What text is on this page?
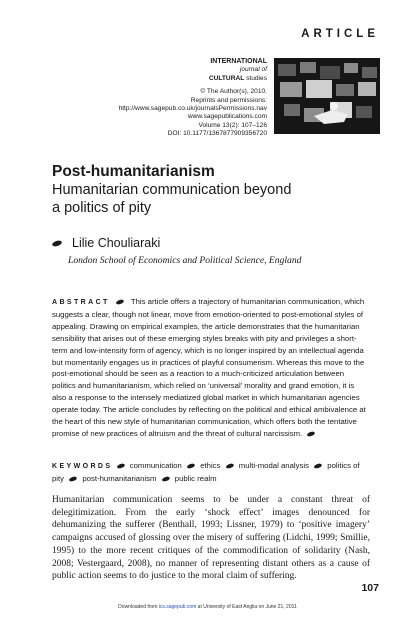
ARTICLE
INTERNATIONAL
journal of
CULTURAL studies
© The Author(s), 2010.
Reprints and permissions:
http://www.sagepub.co.uk/journalsPermissions.nav
www.sagepublications.com
Volume 13(2): 107–126
DOI: 10.1177/1367877909356720
Post-humanitarianism
Humanitarian communication beyond
a politics of pity
Lilie Chouliaraki
London School of Economics and Political Science, England

ABSTRACT	This article offers a trajectory of humanitarian communication, which suggests a clear, though not linear, move from emotion-oriented to post-emotional styles of appealing. Drawing on empirical examples, the article demonstrates that the humanitarian sensibility that arises out of these emerging styles breaks with pity and privileges a short-term and low-intensity form of agency, which is no longer inspired by an intellectual agenda but momentarily engages us in practices of playful consumerism. Whereas this move to the post-emotional should be seen as a reaction to a much-criticized articulation between politics and humanitarianism, which relied on ‘universal’ morality and grand emotion, it is also a response to the intensely mediatized global market in which humanitarian agencies operate today. The article concludes by reflecting on the political and ethical ambivalence at the heart of this new style of humanitarian communication, which offers both the tentative promise of new practices of altruism and the threat of cultural narcissism.

KEYWORDS communication ethics multi-modal analysis politics of pity post-humanitarianism public realm

Humanitarian communication seems to be under a constant threat of delegitimization. From the early ‘shock effect’ images denounced for dehumanizing the sufferer (Benthall, 1993; Lissner, 1979) to ‘positive imagery’ campaigns accused of glossing over the misery of suffering (Lidchi, 1999; Smillie, 1995) to the more recent critiques of the commodification of solidarity (Nash, 2008; Vestergaard, 2008), no manner of representing distant others as a cause of public action seems to do justice to the moral claim of suffering.

107
Downloaded from ics.sagepub.com at University of East Anglia on June 21, 2011
